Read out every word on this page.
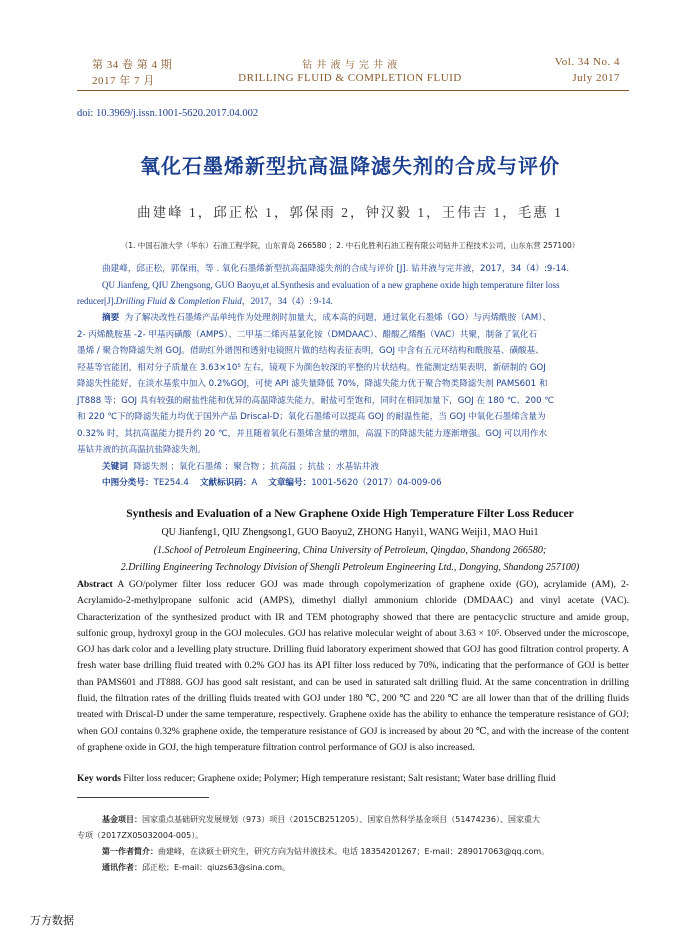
第 34 卷 第 4 期
2017 年 7 月
钻 井 液 与 完 井 液
DRILLING FLUID & COMPLETION FLUID
Vol. 34 No. 4
July 2017
doi: 10.3969/j.issn.1001-5620.2017.04.002
氧化石墨烯新型抗高温降滤失剂的合成与评价
曲建峰 1，邱正松 1，郭保雨 2，钟汉毅 1，王伟吉 1，毛惠 1
（1. 中国石油大学（华东）石油工程学院，山东青岛 266580 ；2. 中石化胜利石油工程有限公司钻井工程技术公司，山东东营 257100）
曲建峰，邱正松，郭保雨，等 . 氧化石墨烯新型抗高温降滤失剂的合成与评价 [J]. 钻井液与完井液，2017，34（4）:9-14.
QU Jianfeng, QIU Zhengsong, GUO Baoyu,et al.Synthesis and evaluation of a new graphene oxide high temperature filter loss
reducer[J].Drilling Fluid & Completion Fluid，2017，34（4）: 9-14.
摘要 为了解决改性石墨烯产品单纯作为处理剂时加量大，成本高的问题，通过氧化石墨烯（GO）与丙烯酰胺（AM）、
2- 丙烯酰胺基 -2- 甲基丙磺酸（AMPS）、二甲基二烯丙基氯化铵（DMDAAC）、醋酸乙烯酯（VAC）共聚，制备了氧化石
墨烯 / 聚合物降滤失剂 GOJ。借助红外谱图和透射电镜照片做的结构表征表明，GOJ 中含有五元环结构和酰胺基、磺酸基、
羟基等官能团，相对分子质量在 3.63×10⁵ 左右，镜观下为颜色较深的平整的片状结构。性能测定结果表明，新研制的 GOJ
降滤失性能好，在淡水基浆中加入 0.2%GOJ，可使 API 滤失量降低 70%，降滤失能力优于聚合物类降滤失剂 PAMS601 和
JT888 等；GOJ 具有较强的耐盐性能和优异的高温降滤失能力，耐盐可至饱和，同时在相同加量下，GOJ 在 180 ℃、200 ℃
和 220 ℃下的降滤失能力均优于国外产品 Driscal-D；氧化石墨烯可以提高 GOJ 的耐温性能，当 GOJ 中氧化石墨烯含量为
0.32% 时，其抗高温能力提升约 20 ℃，并且随着氧化石墨烯含量的增加，高温下的降滤失能力逐渐增强。GOJ 可以用作水
基钻井液的抗高温抗盐降滤失剂。
关键词 降滤失剂 ；氧化石墨烯 ；聚合物 ；抗高温 ；抗盐 ；水基钻井液
中图分类号：TE254.4 文献标识码：A 文章编号：1001-5620（2017）04-009-06
Synthesis and Evaluation of a New Graphene Oxide High Temperature Filter Loss Reducer
QU Jianfeng1, QIU Zhengsong1, GUO Baoyu2, ZHONG Hanyi1, WANG Weiji1, MAO Hui1
(1.School of Petroleum Engineering, China University of Petroleum, Qingdao, Shandong 266580;
2.Drilling Engineering Technology Division of Shengli Petroleum Engineering Ltd., Dongying, Shandong 257100)
Abstract A GO/polymer filter loss reducer GOJ was made through copolymerization of graphene oxide (GO), acrylamide (AM), 2-Acrylamido-2-methylpropane sulfonic acid (AMPS), dimethyl diallyl ammonium chloride (DMDAAC) and vinyl acetate (VAC). Characterization of the synthesized product with IR and TEM photography showed that there are pentacyclic structure and amide group, sulfonic group, hydroxyl group in the GOJ molecules. GOJ has relative molecular weight of about 3.63 × 10⁵. Observed under the microscope, GOJ has dark color and a levelling platy structure. Drilling fluid laboratory experiment showed that GOJ has good filtration control property. A fresh water base drilling fluid treated with 0.2% GOJ has its API filter loss reduced by 70%, indicating that the performance of GOJ is better than PAMS601 and JT888. GOJ has good salt resistant, and can be used in saturated salt drilling fluid. At the same concentration in drilling fluid, the filtration rates of the drilling fluids treated with GOJ under 180 ℃, 200 ℃ and 220 ℃ are all lower than that of the drilling fluids treated with Driscal-D under the same temperature, respectively. Graphene oxide has the ability to enhance the temperature resistance of GOJ; when GOJ contains 0.32% graphene oxide, the temperature resistance of GOJ is increased by about 20 ℃, and with the increase of the content of graphene oxide in GOJ, the high temperature filtration control performance of GOJ is also increased.
Key words Filter loss reducer; Graphene oxide; Polymer; High temperature resistant; Salt resistant; Water base drilling fluid
基金项目：国家重点基础研究发展规划（973）项目（2015CB251205）、国家自然科学基金项目（51474236）、国家重大
专项（2017ZX05032004-005）。
第一作者简介：曲建峰，在读硕士研究生，研究方向为钻井液技术。电话 18354201267；E-mail：289017063@qq.com。
通讯作者：邱正松；E-mail：qiuzs63@sina.com。
万方数据
